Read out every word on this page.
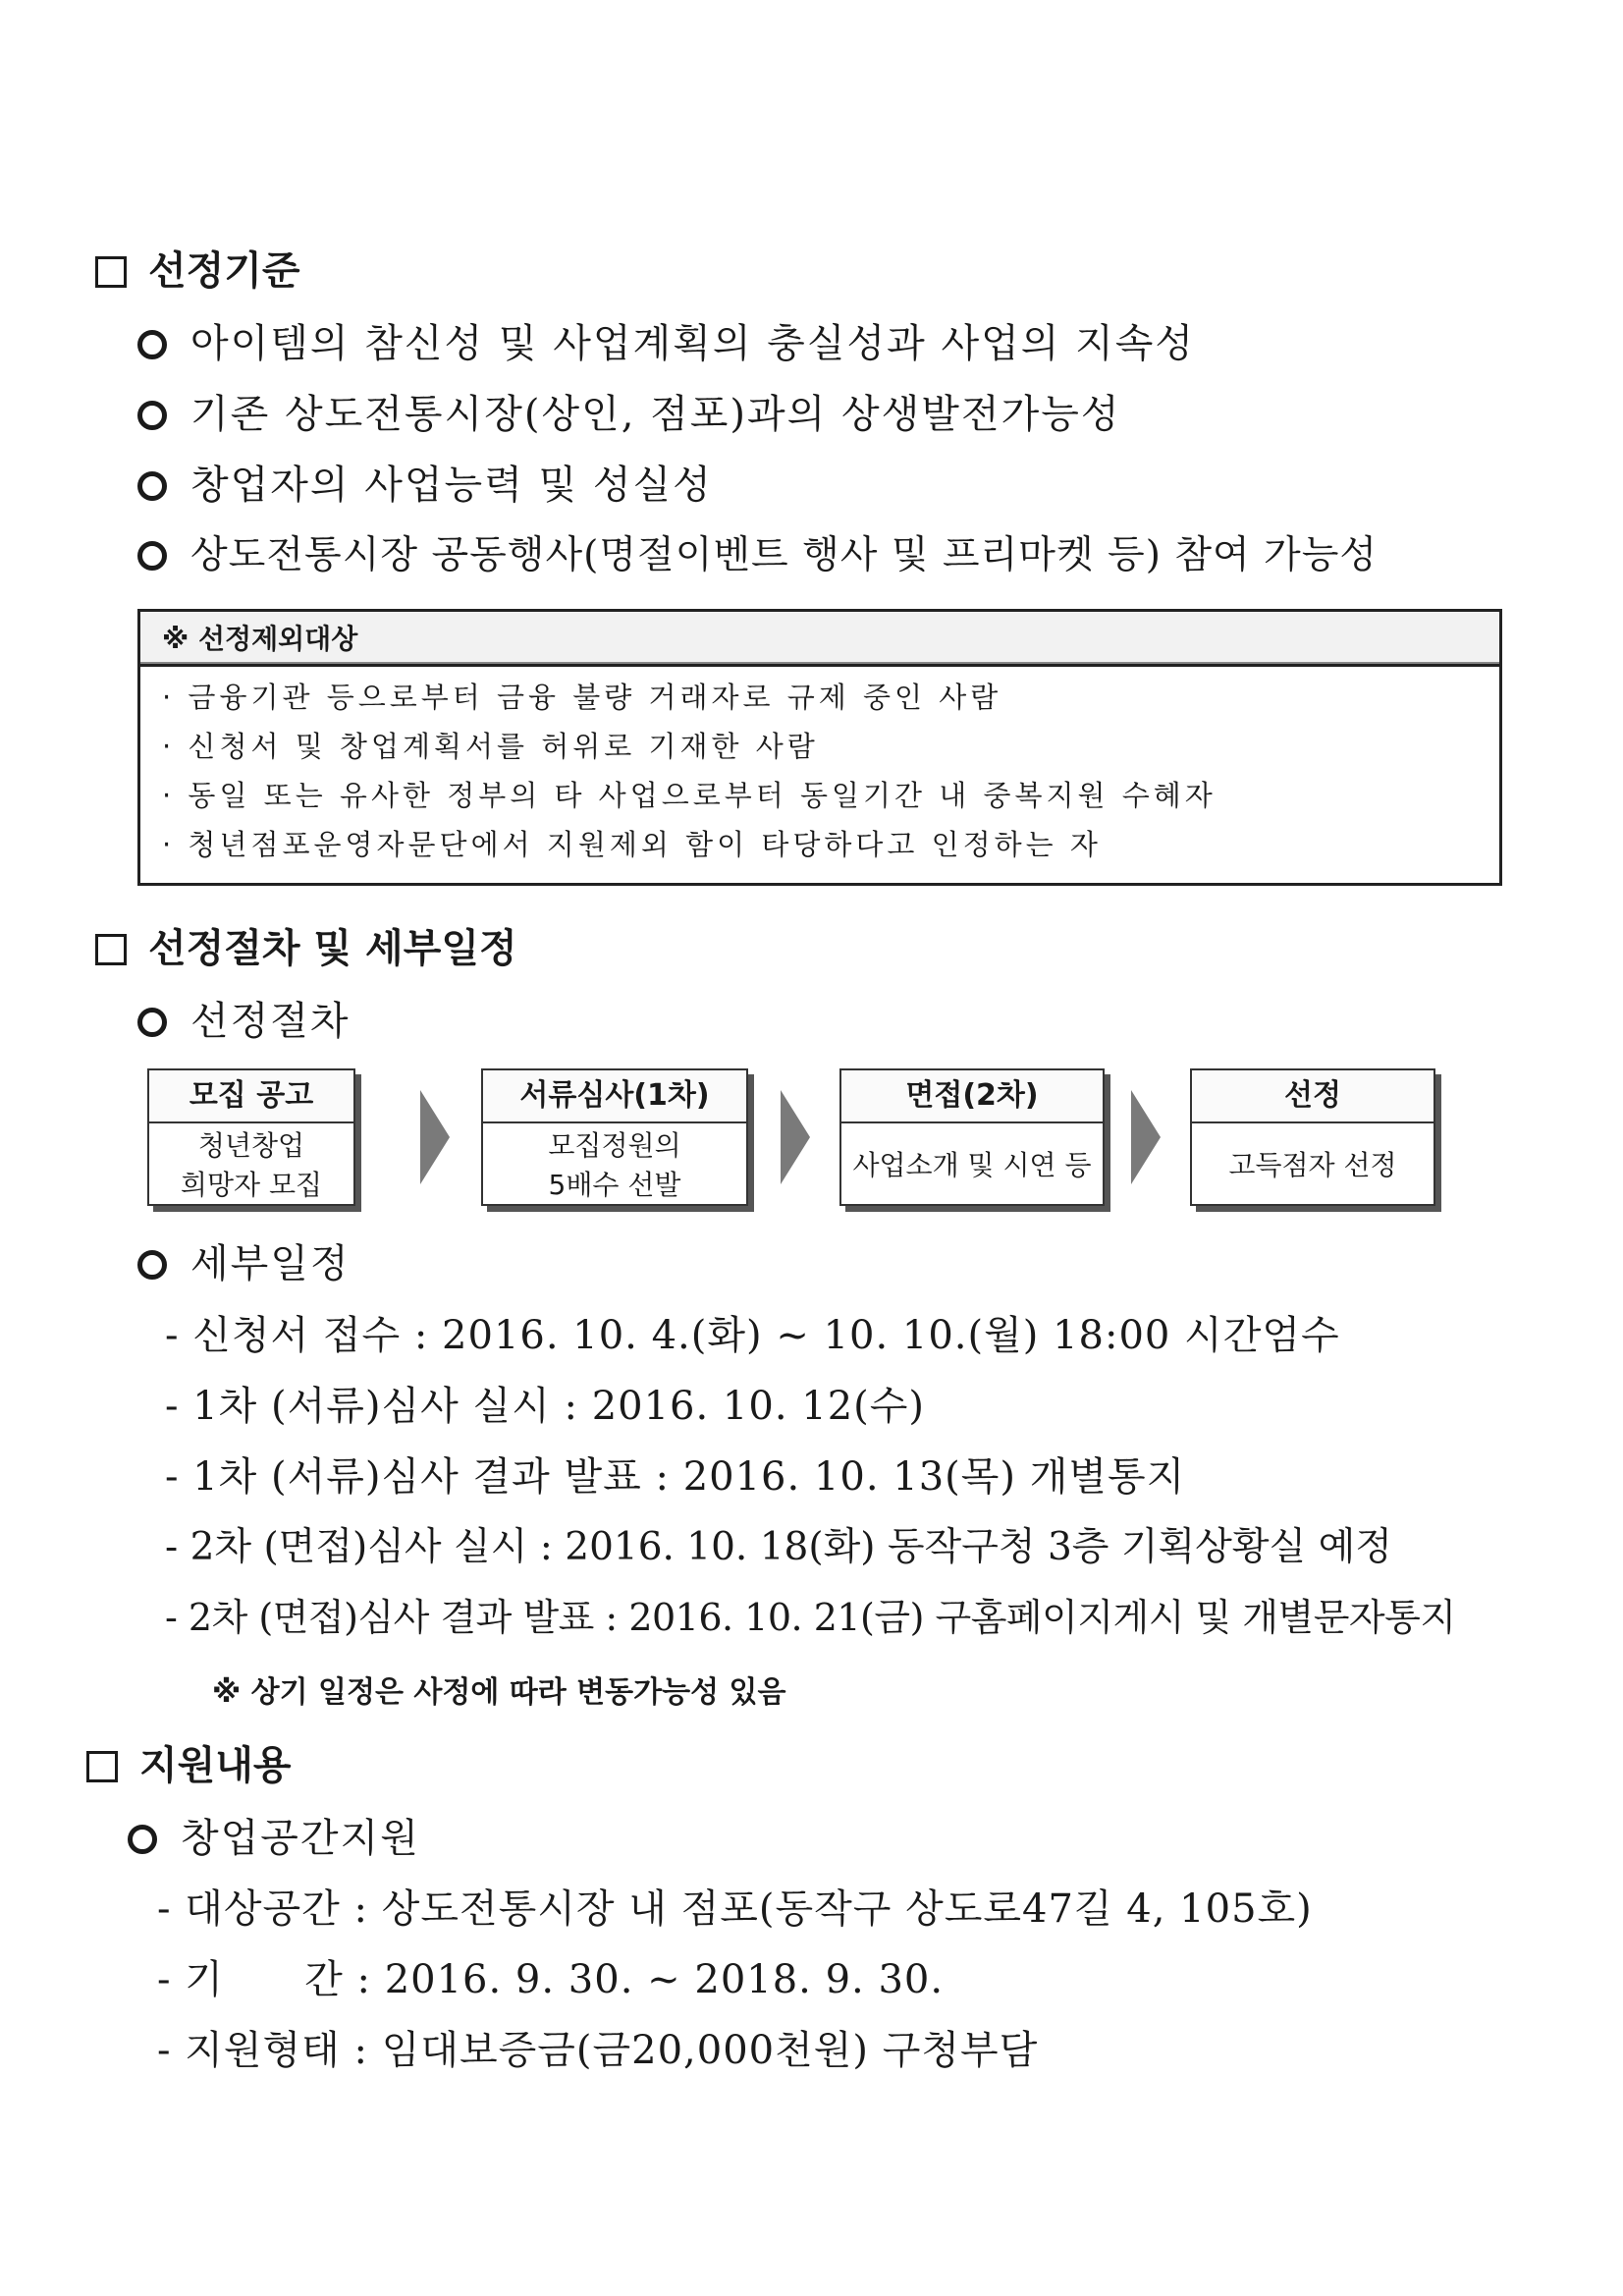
선정기준
아이템의 참신성 및 사업계획의 충실성과 사업의 지속성
기존 상도전통시장(상인, 점포)과의 상생발전가능성
창업자의 사업능력 및 성실성
상도전통시장 공동행사(명절이벤트 행사 및 프리마켓 등) 참여 가능성
※ 선정제외대상
· 금융기관 등으로부터 금융 불량 거래자로 규제 중인 사람
· 신청서 및 창업계획서를 허위로 기재한 사람
· 동일 또는 유사한 정부의 타 사업으로부터 동일기간 내 중복지원 수혜자
· 청년점포운영자문단에서 지원제외 함이 타당하다고 인정하는 자
선정절차 및 세부일정
선정절차
모집 공고
청년창업
희망자 모집
서류심사(1차)
모집정원의
5배수 선발
면접(2차)
사업소개 및 시연 등
선정
고득점자 선정
세부일정
- 신청서 접수 : 2016. 10. 4.(화) ~ 10. 10.(월) 18:00 시간엄수
- 1차 (서류)심사 실시 : 2016. 10. 12(수)
- 1차 (서류)심사 결과 발표 : 2016. 10. 13(목) 개별통지
- 2차 (면접)심사 실시 : 2016. 10. 18(화) 동작구청 3층 기획상황실 예정
- 2차 (면접)심사 결과 발표 : 2016. 10. 21(금) 구홈페이지게시 및 개별문자통지
※ 상기 일정은 사정에 따라 변동가능성 있음
지원내용
창업공간지원
- 대상공간 : 상도전통시장 내 점포(동작구 상도로47길 4, 105호)
- 기      간 : 2016. 9. 30. ~ 2018. 9. 30.
- 지원형태 : 임대보증금(금20,000천원) 구청부담
